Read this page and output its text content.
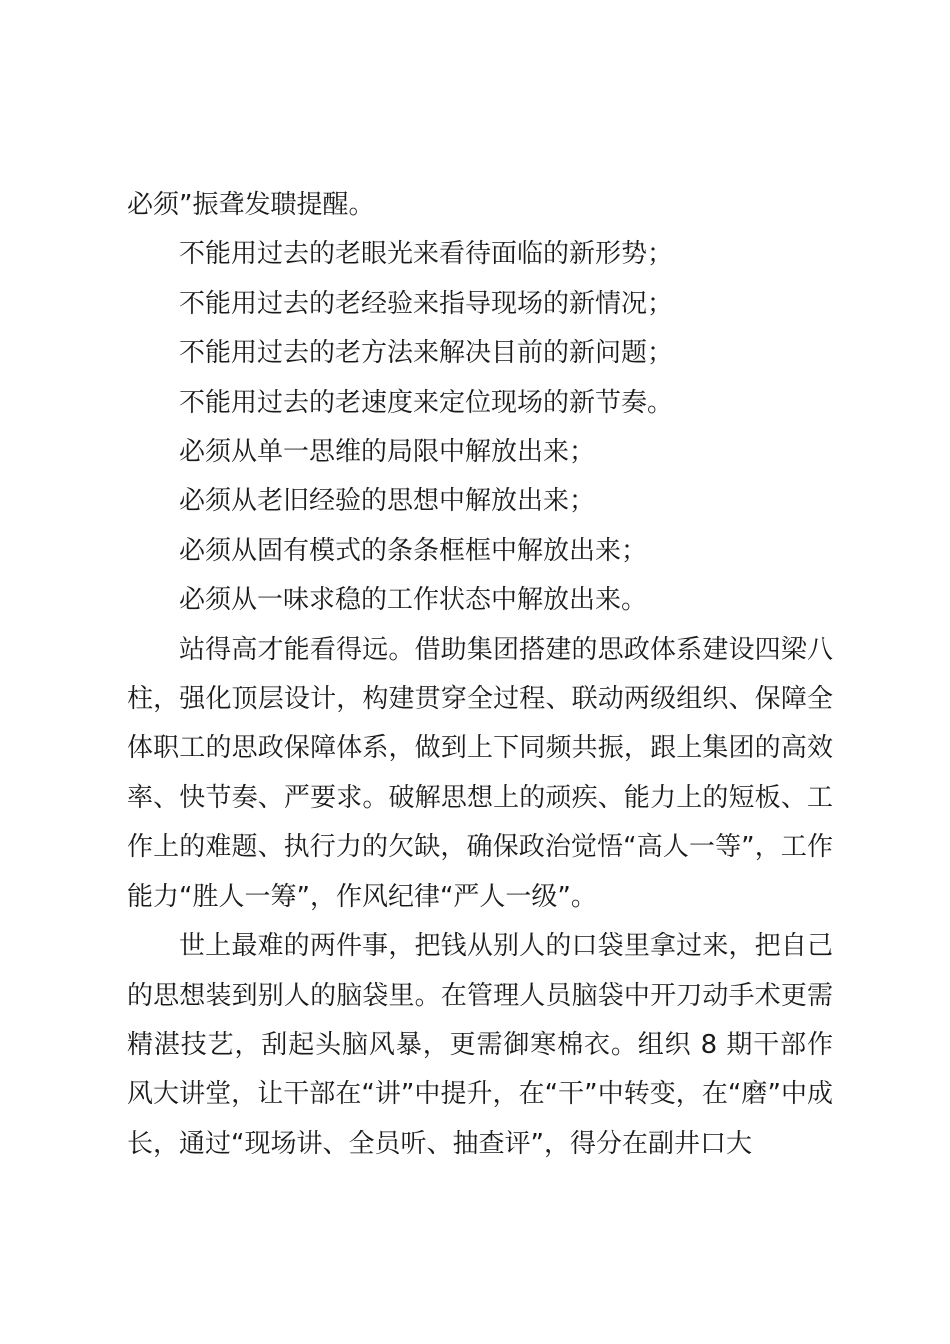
必须”振聋发聩提醒。

不能用过去的老眼光来看待面临的新形势；

不能用过去的老经验来指导现场的新情况；

不能用过去的老方法来解决目前的新问题；

不能用过去的老速度来定位现场的新节奏。

必须从单一思维的局限中解放出来；

必须从老旧经验的思想中解放出来；

必须从固有模式的条条框框中解放出来；

必须从一味求稳的工作状态中解放出来。

站得高才能看得远。借助集团搭建的思政体系建设四梁八柱，强化顶层设计，构建贯穿全过程、联动两级组织、保障全体职工的思政保障体系，做到上下同频共振，跟上集团的高效率、快节奏、严要求。破解思想上的顽疾、能力上的短板、工作上的难题、执行力的欠缺，确保政治觉悟“高人一等”，工作能力“胜人一筹”，作风纪律“严人一级”。

世上最难的两件事，把钱从别人的口袋里拿过来，把自己的思想装到别人的脑袋里。在管理人员脑袋中开刀动手术更需精湛技艺，刮起头脑风暴，更需御寒棉衣。组织 8 期干部作风大讲堂，让干部在“讲”中提升，在“干”中转变，在“磨”中成长，通过“现场讲、全员听、抽查评”，得分在副井口大
